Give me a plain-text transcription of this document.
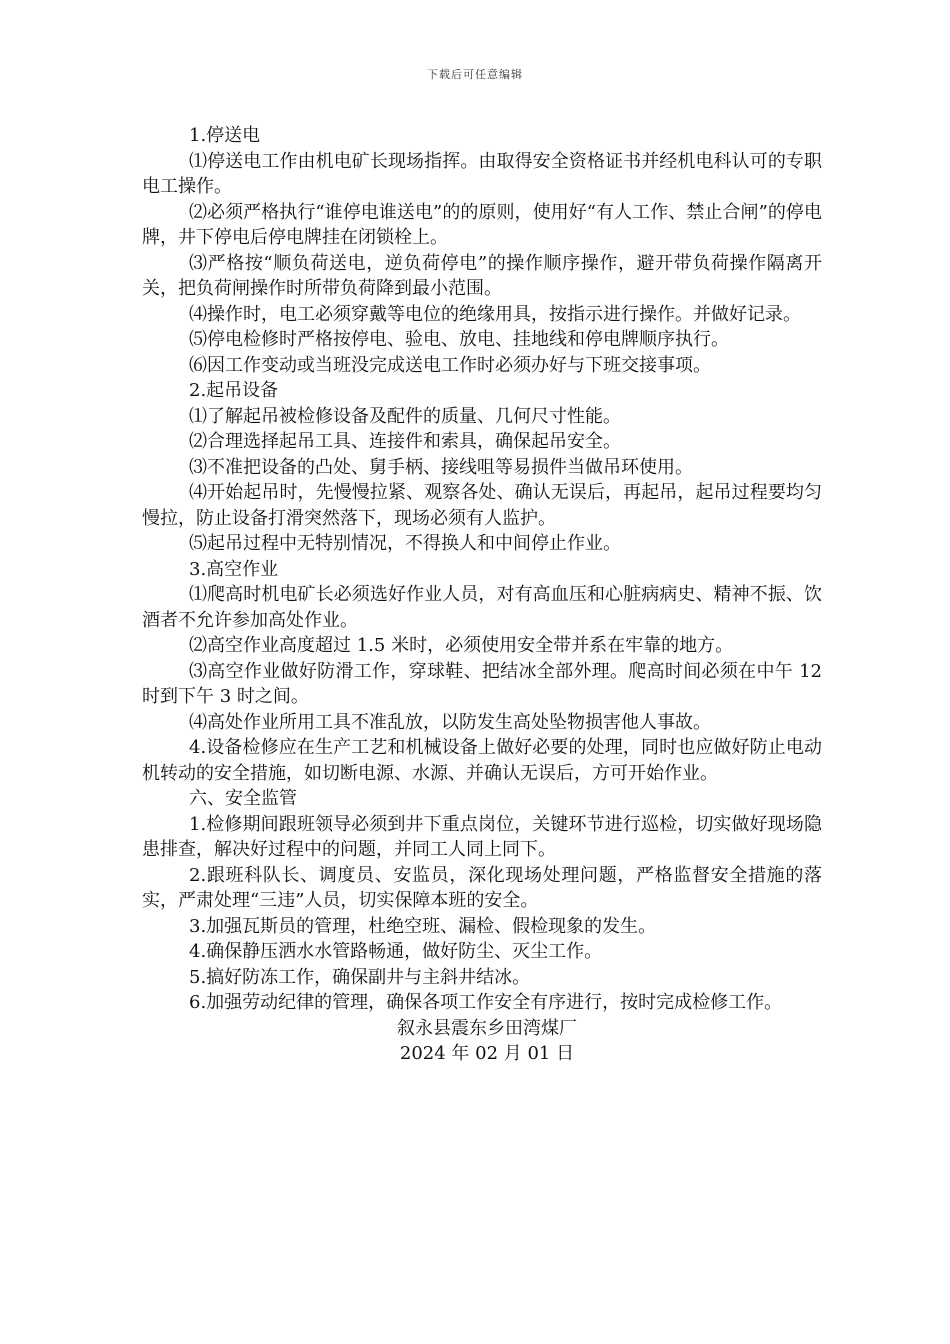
下载后可任意编辑

1.停送电

⑴停送电工作由机电矿长现场指挥。由取得安全资格证书并经机电科认可的专职电工操作。

⑵必须严格执行“谁停电谁送电”的的原则，使用好“有人工作、禁止合闸”的停电牌，井下停电后停电牌挂在闭锁栓上。

⑶严格按“顺负荷送电，逆负荷停电”的操作顺序操作，避开带负荷操作隔离开关，把负荷闸操作时所带负荷降到最小范围。

⑷操作时，电工必须穿戴等电位的绝缘用具，按指示进行操作。并做好记录。

⑸停电检修时严格按停电、验电、放电、挂地线和停电牌顺序执行。

⑹因工作变动或当班没完成送电工作时必须办好与下班交接事项。

2.起吊设备

⑴了解起吊被检修设备及配件的质量、几何尺寸性能。

⑵合理选择起吊工具、连接件和索具，确保起吊安全。

⑶不准把设备的凸处、舅手柄、接线咀等易损件当做吊环使用。

⑷开始起吊时，先慢慢拉紧、观察各处、确认无误后，再起吊，起吊过程要均匀慢拉，防止设备打滑突然落下，现场必须有人监护。

⑸起吊过程中无特别情况，不得换人和中间停止作业。

3.高空作业

⑴爬高时机电矿长必须选好作业人员，对有高血压和心脏病病史、精神不振、饮酒者不允许参加高处作业。

⑵高空作业高度超过 1.5 米时，必须使用安全带并系在牢靠的地方。

⑶高空作业做好防滑工作，穿球鞋、把结冰全部外理。爬高时间必须在中午 12 时到下午 3 时之间。

⑷高处作业所用工具不准乱放，以防发生高处坠物损害他人事故。

4.设备检修应在生产工艺和机械设备上做好必要的处理，同时也应做好防止电动机转动的安全措施，如切断电源、水源、并确认无误后，方可开始作业。

六、安全监管

1.检修期间跟班领导必须到井下重点岗位，关键环节进行巡检，切实做好现场隐患排查，解决好过程中的问题，并同工人同上同下。

2.跟班科队长、调度员、安监员，深化现场处理问题，严格监督安全措施的落实，严肃处理“三违”人员，切实保障本班的安全。

3.加强瓦斯员的管理，杜绝空班、漏检、假检现象的发生。

4.确保静压洒水水管路畅通，做好防尘、灭尘工作。

5.搞好防冻工作，确保副井与主斜井结冰。

6.加强劳动纪律的管理，确保各项工作安全有序进行，按时完成检修工作。

叙永县震东乡田湾煤厂
2024 年 02 月 01 日
